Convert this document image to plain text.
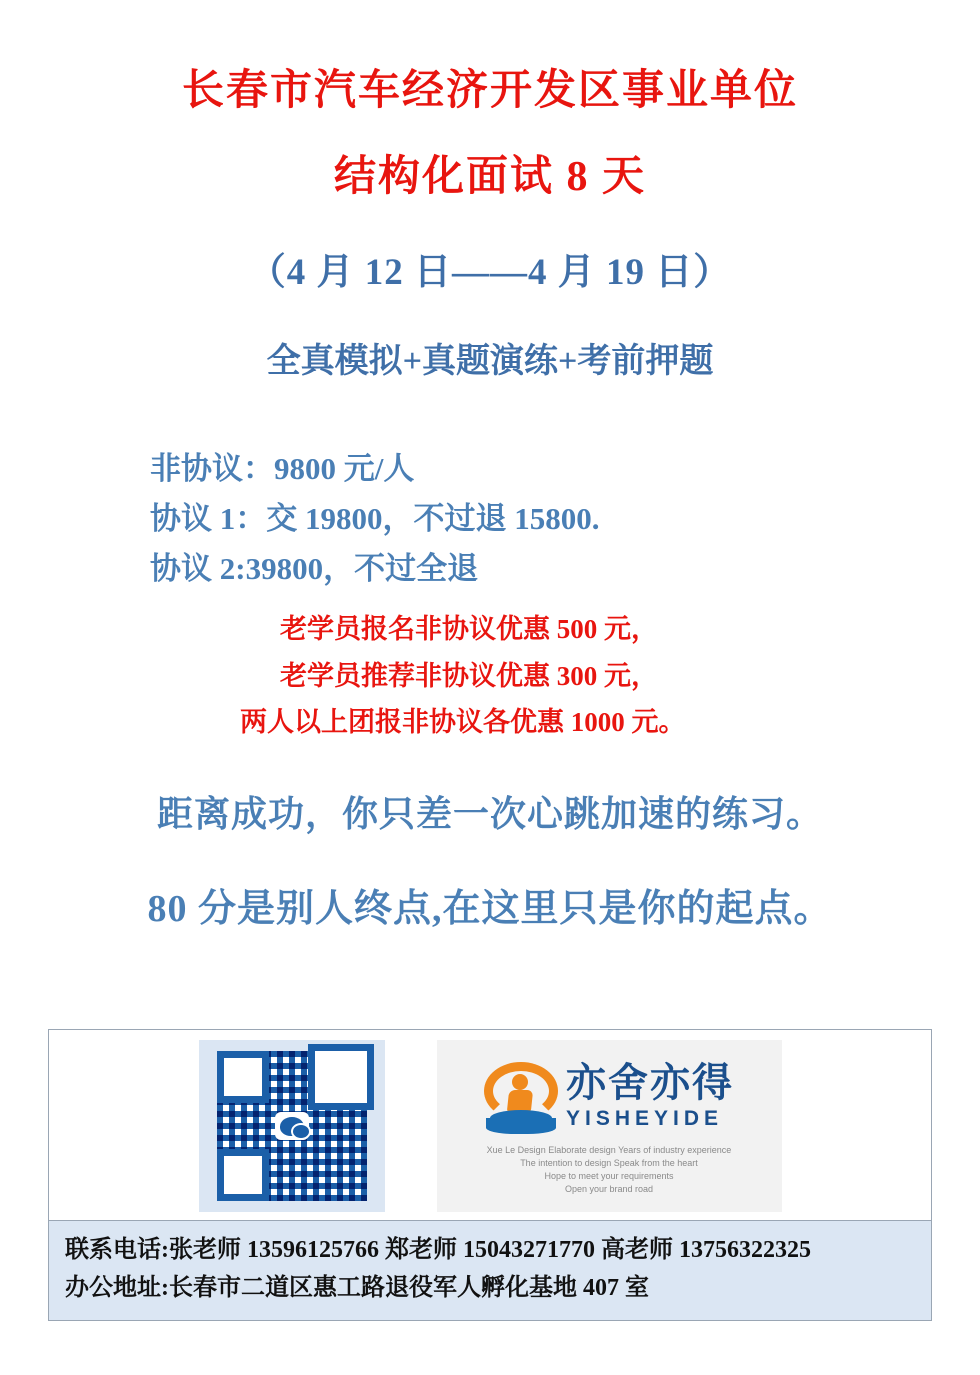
长春市汽车经济开发区事业单位
结构化面试 8 天
（4 月 12 日——4 月 19 日）
全真模拟+真题演练+考前押题
非协议：9800 元/人
协议 1：交 19800，不过退 15800.
协议 2:39800，不过全退
老学员报名非协议优惠 500 元，
老学员推荐非协议优惠 300 元，
两人以上团报非协议各优惠 1000 元。
距离成功，你只差一次心跳加速的练习。
80 分是别人终点,在这里只是你的起点。
亦舍亦得
YISHEYIDE
Xue Le Design Elaborate design Years of industry experience
The intention to design Speak from the heart
Hope to meet your requirements
Open your brand road
联系电话:张老师 13596125766 郑老师 15043271770 高老师 13756322325
办公地址:长春市二道区惠工路退役军人孵化基地 407 室
